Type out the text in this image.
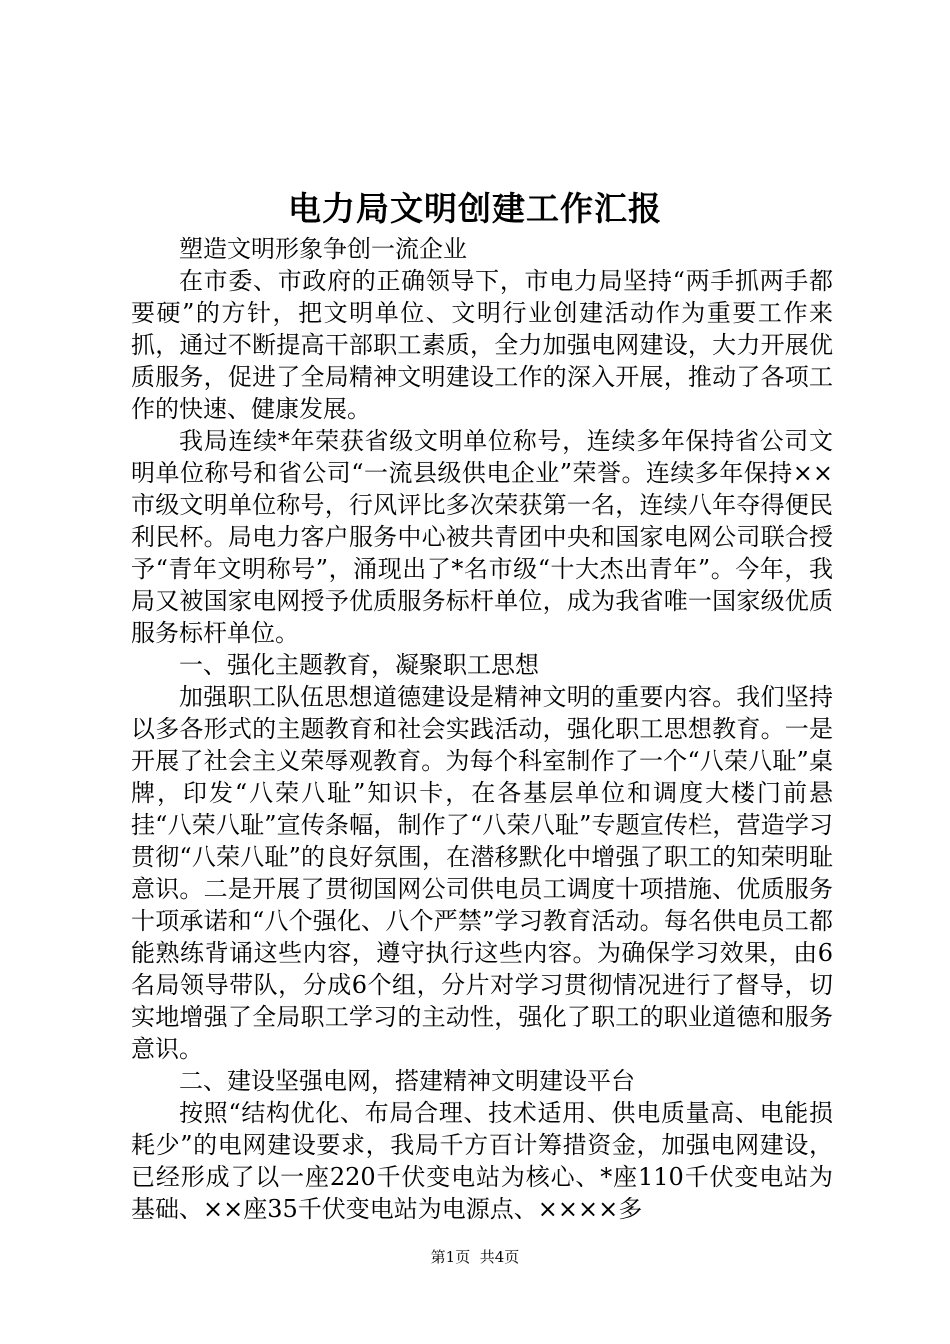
电力局文明创建工作汇报

塑造文明形象争创一流企业

在市委、市政府的正确领导下，市电力局坚持“两手抓两手都要硬”的方针，把文明单位、文明行业创建活动作为重要工作来抓，通过不断提高干部职工素质，全力加强电网建设，大力开展优质服务，促进了全局精神文明建设工作的深入开展，推动了各项工作的快速、健康发展。

我局连续*年荣获省级文明单位称号，连续多年保持省公司文明单位称号和省公司“一流县级供电企业”荣誉。连续多年保持××市级文明单位称号，行风评比多次荣获第一名，连续八年夺得便民利民杯。局电力客户服务中心被共青团中央和国家电网公司联合授予“青年文明称号”，涌现出了*名市级“十大杰出青年”。今年，我局又被国家电网授予优质服务标杆单位，成为我省唯一国家级优质服务标杆单位。

一、强化主题教育，凝聚职工思想

加强职工队伍思想道德建设是精神文明的重要内容。我们坚持以多各形式的主题教育和社会实践活动，强化职工思想教育。一是开展了社会主义荣辱观教育。为每个科室制作了一个“八荣八耻”桌牌，印发“八荣八耻”知识卡，在各基层单位和调度大楼门前悬挂“八荣八耻”宣传条幅，制作了“八荣八耻”专题宣传栏，营造学习贯彻“八荣八耻”的良好氛围，在潜移默化中增强了职工的知荣明耻意识。二是开展了贯彻国网公司供电员工调度十项措施、优质服务十项承诺和“八个强化、八个严禁”学习教育活动。每名供电员工都能熟练背诵这些内容，遵守执行这些内容。为确保学习效果，由6名局领导带队，分成6个组，分片对学习贯彻情况进行了督导，切实地增强了全局职工学习的主动性，强化了职工的职业道德和服务意识。

二、建设坚强电网，搭建精神文明建设平台

按照“结构优化、布局合理、技术适用、供电质量高、电能损耗少”的电网建设要求，我局千方百计筹措资金，加强电网建设，已经形成了以一座220千伏变电站为核心、*座110千伏变电站为基础、××座35千伏变电站为电源点、××××多

第1页 共4页
